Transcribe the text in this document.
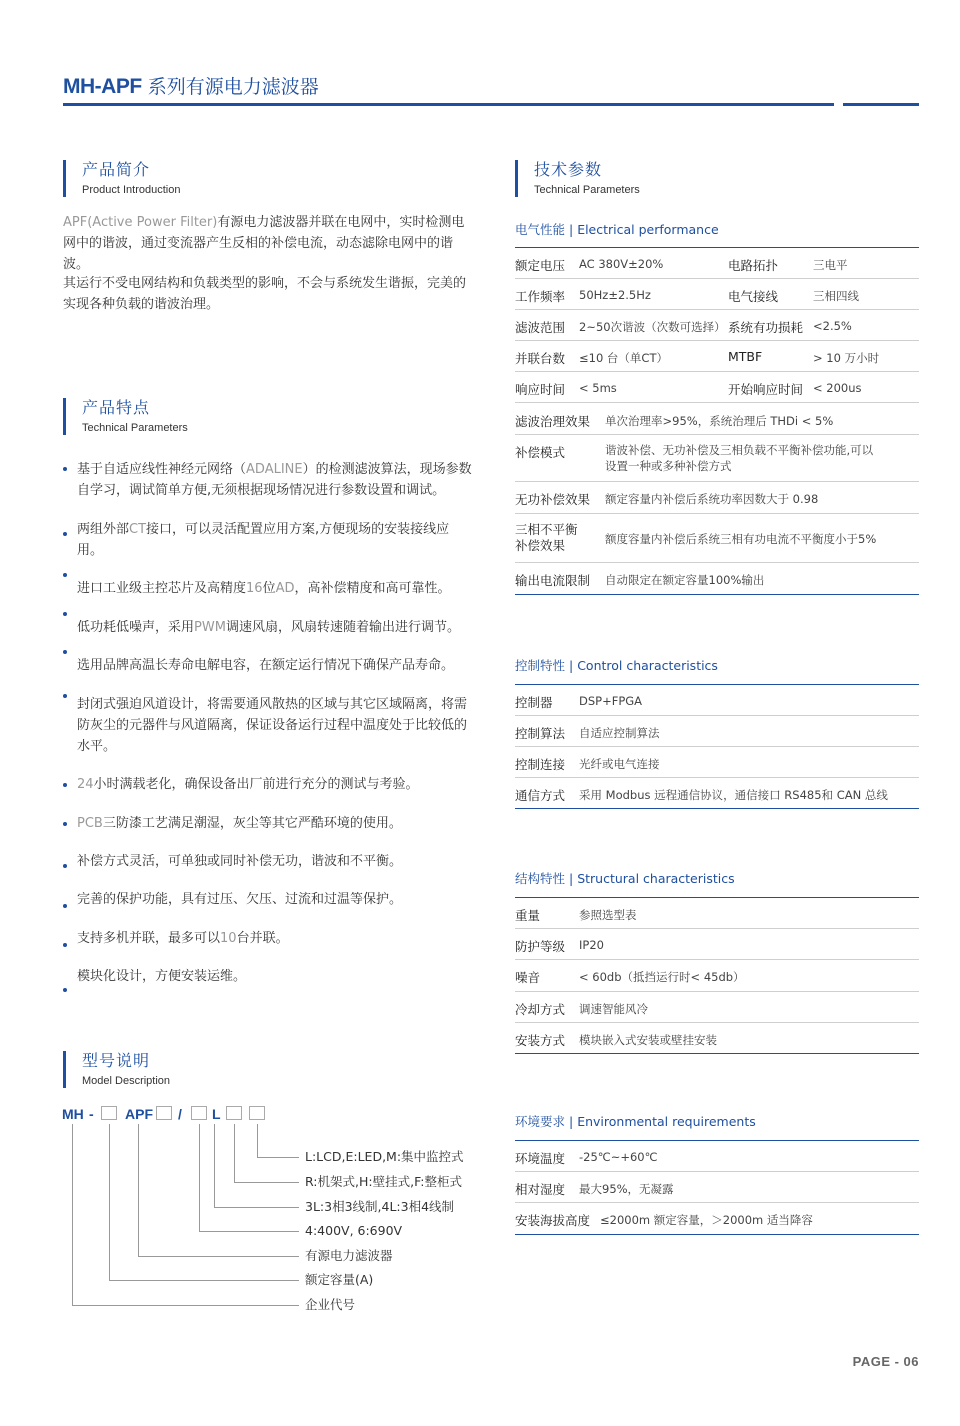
MH-APF 系列有源电力滤波器
产品简介
Product Introduction
APF(Active Power Filter)有源电力滤波器并联在电网中，实时检测电网中的谐波，通过变流器产生反相的补偿电流，动态滤除电网中的谐波。
其运行不受电网结构和负载类型的影响，不会与系统发生谐振，完美的实现各种负载的谐波治理。
产品特点
Technical Parameters
基于自适应线性神经元网络（ADALINE）的检测滤波算法，现场参数自学习，调试简单方便,无须根据现场情况进行参数设置和调试。
两组外部CT接口，可以灵活配置应用方案,方便现场的安装接线应用。
进口工业级主控芯片及高精度16位AD，高补偿精度和高可靠性。
低功耗低噪声，采用PWM调速风扇，风扇转速随着输出进行调节。
选用品牌高温长寿命电解电容，在额定运行情况下确保产品寿命。
封闭式强迫风道设计，将需要通风散热的区域与其它区域隔离，将需防灰尘的元器件与风道隔离，保证设备运行过程中温度处于比较低的水平。
24小时满载老化，确保设备出厂前进行充分的测试与考验。
PCB三防漆工艺满足潮湿，灰尘等其它严酷环境的使用。
补偿方式灵活，可单独或同时补偿无功，谐波和不平衡。
完善的保护功能，具有过压、欠压、过流和过温等保护。
支持多机并联，最多可以10台并联。
模块化设计，方便安装运维。
型号说明
Model Description
MH - APF / L
L:LCD,E:LED,M:集中监控式
R:机架式,H:壁挂式,F:整柜式
3L:3相3线制,4L:3相4线制
4:400V, 6:690V
有源电力滤波器
额定容量(A)
企业代号
技术参数
Technical Parameters
电气性能 | Electrical performance
额定电压 AC 380V±20%	电路拓扑	三电平
工作频率 50Hz±2.5Hz	电气接线	三相四线
滤波范围 2~50次谐波（次数可选择） 系统有功损耗 <2.5%
并联台数 ≤10 台（单CT）	MTBF	> 10 万小时
响应时间 < 5ms	开始响应时间 < 200us
滤波治理效果 单次治理率>95%，系统治理后 THDi < 5%
补偿模式	谐波补偿、无功补偿及三相负载不平衡补偿功能,可以设置一种或多种补偿方式
无功补偿效果 额定容量内补偿后系统功率因数大于 0.98
三相不平衡补偿效果	额度容量内补偿后系统三相有功电流不平衡度小于5%
输出电流限制 自动限定在额定容量100%输出
控制特性 | Control characteristics
控制器 DSP+FPGA
控制算法 自适应控制算法
控制连接 光纤或电气连接
通信方式 采用 Modbus 远程通信协议，通信接口 RS485和 CAN 总线
结构特性 | Structural characteristics
重量	参照选型表
防护等级 IP20
噪音	< 60db（抵挡运行时< 45db）
冷却方式 调速智能风冷
安装方式 模块嵌入式安装或壁挂安装
环境要求 | Environmental requirements
环境温度 -25℃~+60℃
相对湿度 最大95%，无凝露
安装海拔高度 ≤2000m 额定容量，＞2000m 适当降容
PAGE - 06
